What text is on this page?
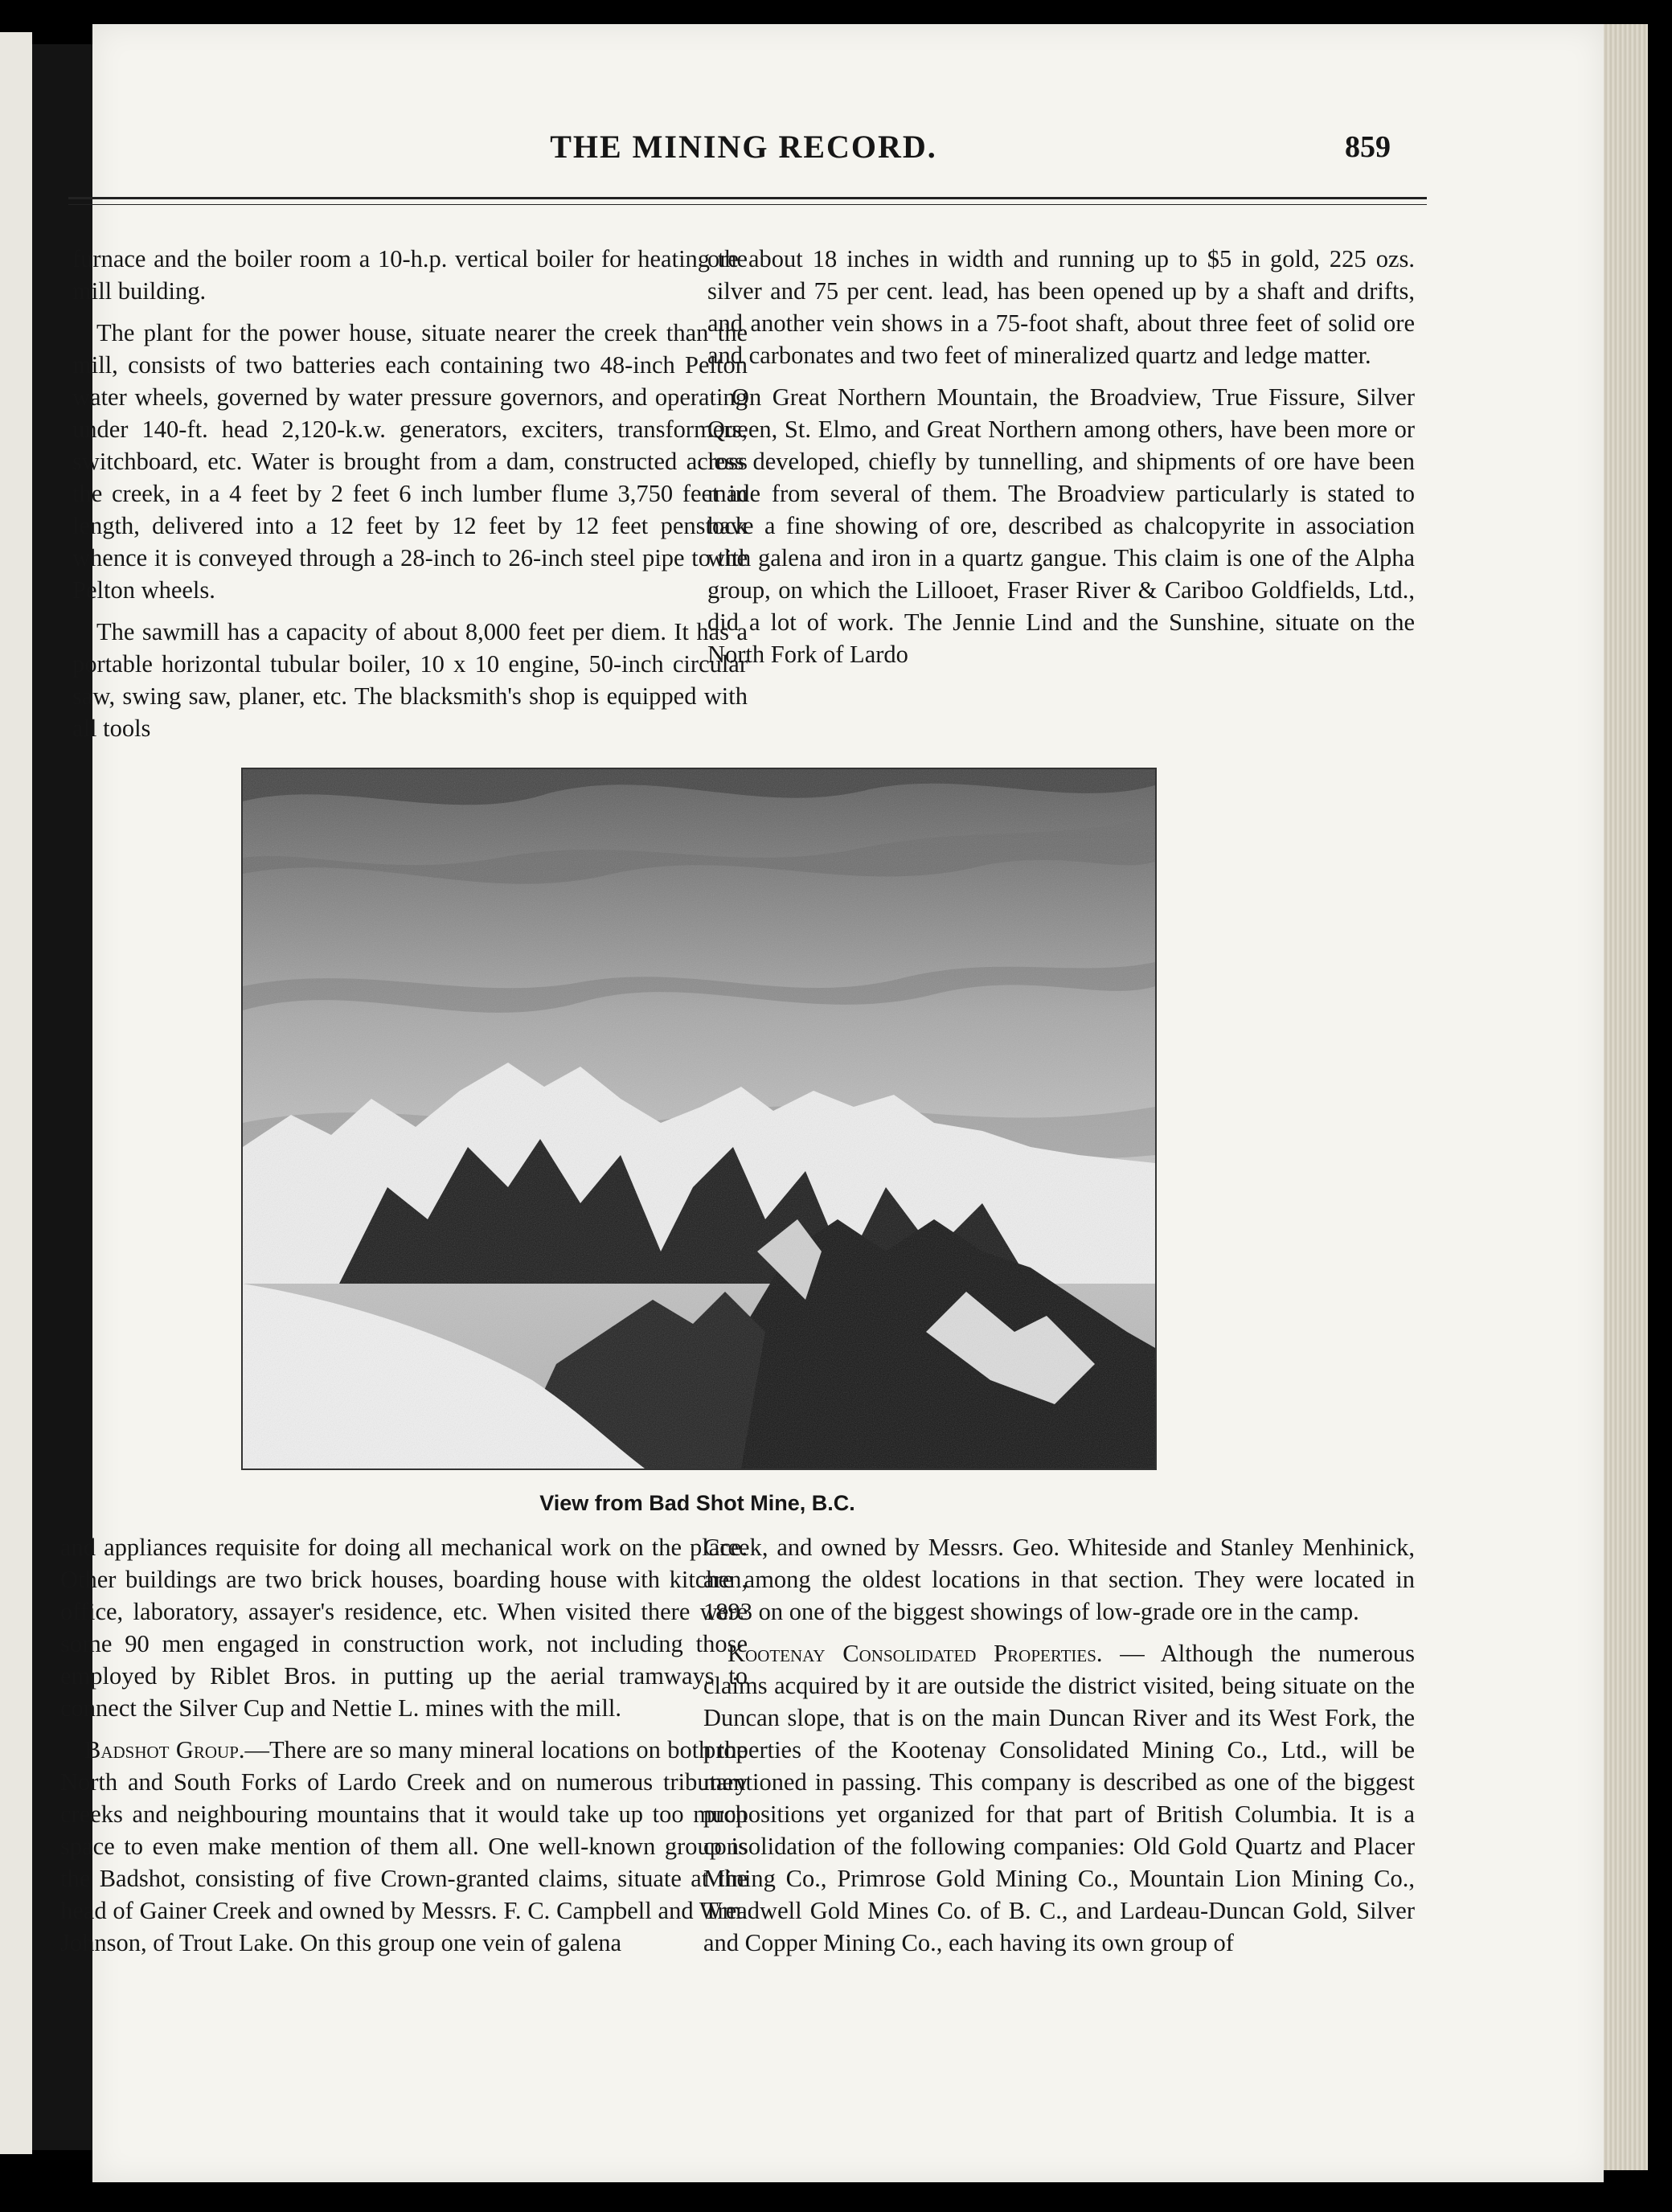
THE MINING RECORD.	859

furnace and the boiler room a 10-h.p. vertical boiler for heating the mill building.

The plant for the power house, situate nearer the creek than the mill, consists of two batteries each containing two 48-inch Pelton water wheels, governed by water pressure governors, and operating under 140-ft. head 2,120-k.w. generators, exciters, transformers, switchboard, etc. Water is brought from a dam, constructed across the creek, in a 4 feet by 2 feet 6 inch lumber flume 3,750 feet in length, delivered into a 12 feet by 12 feet by 12 feet penstock whence it is conveyed through a 28-inch to 26-inch steel pipe to the Pelton wheels.

The sawmill has a capacity of about 8,000 feet per diem. It has a portable horizontal tubular boiler, 10 x 10 engine, 50-inch circular saw, swing saw, planer, etc. The blacksmith's shop is equipped with all tools

ore about 18 inches in width and running up to $5 in gold, 225 ozs. silver and 75 per cent. lead, has been opened up by a shaft and drifts, and another vein shows in a 75-foot shaft, about three feet of solid ore and carbonates and two feet of mineralized quartz and ledge matter.

On Great Northern Mountain, the Broadview, True Fissure, Silver Queen, St. Elmo, and Great Northern among others, have been more or less developed, chiefly by tunnelling, and shipments of ore have been made from several of them. The Broadview particularly is stated to have a fine showing of ore, described as chalcopyrite in association with galena and iron in a quartz gangue. This claim is one of the Alpha group, on which the Lillooet, Fraser River & Cariboo Goldfields, Ltd., did a lot of work. The Jennie Lind and the Sunshine, situate on the North Fork of Lardo

View from Bad Shot Mine, B.C.

and appliances requisite for doing all mechanical work on the place. Other buildings are two brick houses, boarding house with kitchen, office, laboratory, assayer's residence, etc. When visited there were some 90 men engaged in construction work, not including those employed by Riblet Bros. in putting up the aerial tramways to connect the Silver Cup and Nettie L. mines with the mill.

Badshot Group.—There are so many mineral locations on both the North and South Forks of Lardo Creek and on numerous tributary creeks and neighbouring mountains that it would take up too much space to even make mention of them all. One well-known group is the Badshot, consisting of five Crown-granted claims, situate at the head of Gainer Creek and owned by Messrs. F. C. Campbell and Wm. Johnson, of Trout Lake. On this group one vein of galena

Creek, and owned by Messrs. Geo. Whiteside and Stanley Menhinick, are among the oldest locations in that section. They were located in 1893 on one of the biggest showings of low-grade ore in the camp.

Kootenay Consolidated Properties. — Although the numerous claims acquired by it are outside the district visited, being situate on the Duncan slope, that is on the main Duncan River and its West Fork, the properties of the Kootenay Consolidated Mining Co., Ltd., will be mentioned in passing. This company is described as one of the biggest propositions yet organized for that part of British Columbia. It is a consolidation of the following companies: Old Gold Quartz and Placer Mining Co., Primrose Gold Mining Co., Mountain Lion Mining Co., Treadwell Gold Mines Co. of B. C., and Lardeau-Duncan Gold, Silver and Copper Mining Co., each having its own group of
